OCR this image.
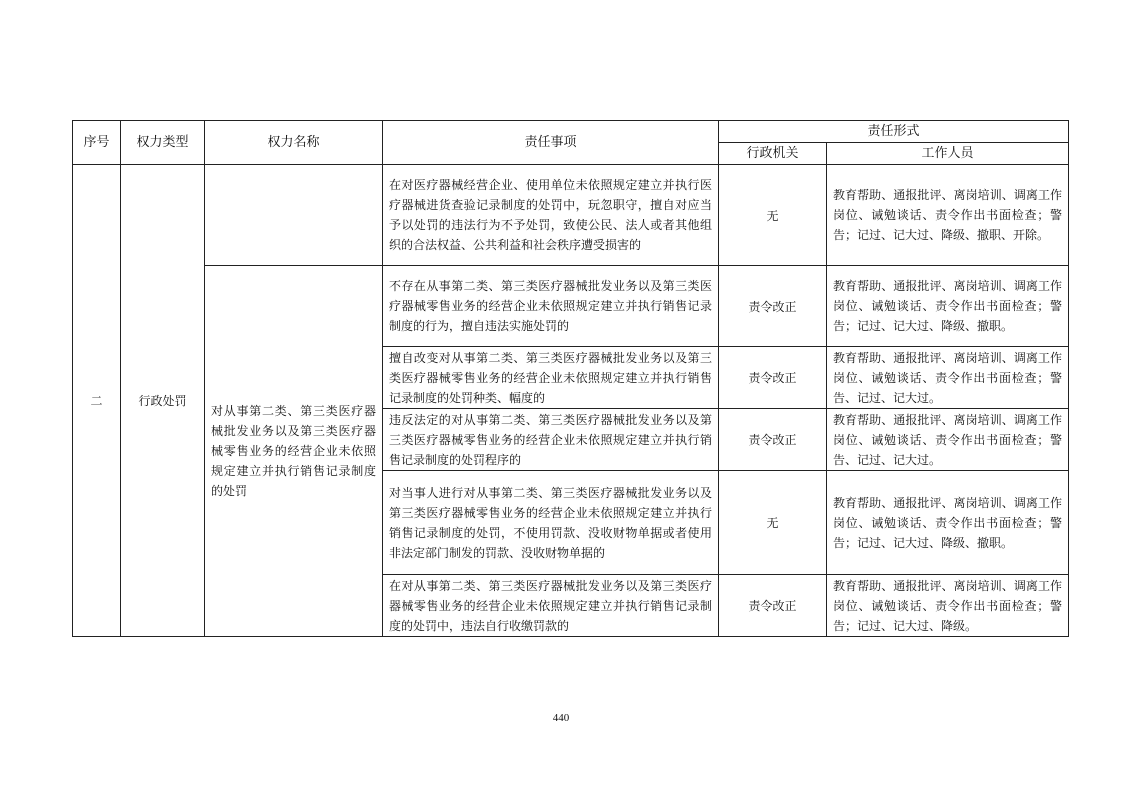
序号	权力类型	权力名称	责任事项	责任形式	
				行政机关	工作人员
二	行政处罚		在对医疗器械经营企业、使用单位未依照规定建立并执行医疗器械进货查验记录制度的处罚中，玩忽职守，擅自对应当予以处罚的违法行为不予处罚，致使公民、法人或者其他组织的合法权益、公共利益和社会秩序遭受损害的	无	教育帮助、通报批评、离岗培训、调离工作岗位、诫勉谈话、责令作出书面检查；警告；记过、记大过、降级、撤职、开除。
		对从事第二类、第三类医疗器械批发业务以及第三类医疗器械零售业务的经营企业未依照规定建立并执行销售记录制度的处罚	不存在从事第二类、第三类医疗器械批发业务以及第三类医疗器械零售业务的经营企业未依照规定建立并执行销售记录制度的行为，擅自违法实施处罚的	责令改正	教育帮助、通报批评、离岗培训、调离工作岗位、诫勉谈话、责令作出书面检查；警告；记过、记大过、降级、撤职。
			擅自改变对从事第二类、第三类医疗器械批发业务以及第三类医疗器械零售业务的经营企业未依照规定建立并执行销售记录制度的处罚种类、幅度的	责令改正	教育帮助、通报批评、离岗培训、调离工作岗位、诫勉谈话、责令作出书面检查；警告、记过、记大过。
			违反法定的对从事第二类、第三类医疗器械批发业务以及第三类医疗器械零售业务的经营企业未依照规定建立并执行销售记录制度的处罚程序的	责令改正	教育帮助、通报批评、离岗培训、调离工作岗位、诫勉谈话、责令作出书面检查；警告、记过、记大过。
			对当事人进行对从事第二类、第三类医疗器械批发业务以及第三类医疗器械零售业务的经营企业未依照规定建立并执行销售记录制度的处罚，不使用罚款、没收财物单据或者使用非法定部门制发的罚款、没收财物单据的	无	教育帮助、通报批评、离岗培训、调离工作岗位、诫勉谈话、责令作出书面检查；警告；记过、记大过、降级、撤职。
			在对从事第二类、第三类医疗器械批发业务以及第三类医疗器械零售业务的经营企业未依照规定建立并执行销售记录制度的处罚中，违法自行收缴罚款的	责令改正	教育帮助、通报批评、离岗培训、调离工作岗位、诫勉谈话、责令作出书面检查；警告；记过、记大过、降级。
440
